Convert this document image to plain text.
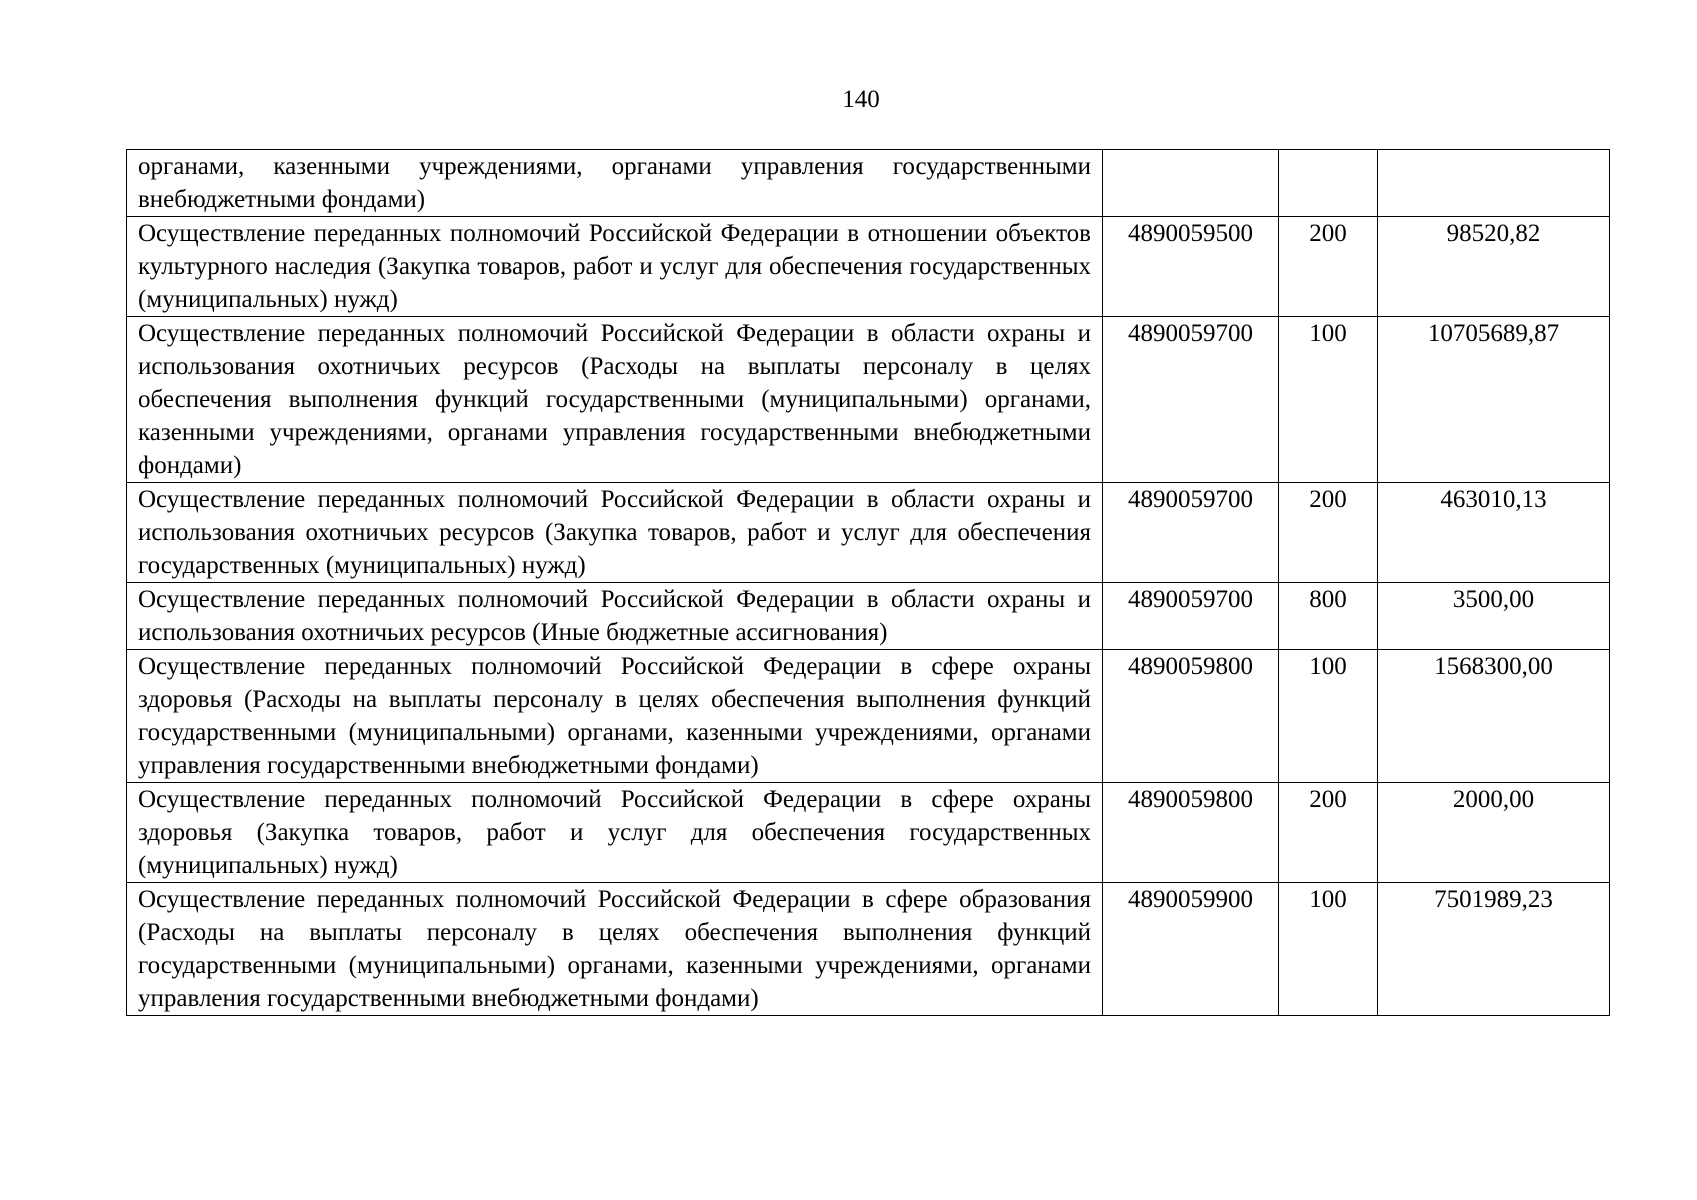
140
органами, казенными учреждениями, органами управления государственными внебюджетными фондами)			
Осуществление переданных полномочий Российской Федерации в отношении объектов культурного наследия (Закупка товаров, работ и услуг для обеспечения государственных (муниципальных) нужд)	4890059500	200	98520,82
Осуществление переданных полномочий Российской Федерации в области охраны и использования охотничьих ресурсов (Расходы на выплаты персоналу в целях обеспечения выполнения функций государственными (муниципальными) органами, казенными учреждениями, органами управления государственными внебюджетными фондами)	4890059700	100	10705689,87
Осуществление переданных полномочий Российской Федерации в области охраны и использования охотничьих ресурсов (Закупка товаров, работ и услуг для обеспечения государственных (муниципальных) нужд)	4890059700	200	463010,13
Осуществление переданных полномочий Российской Федерации в области охраны и использования охотничьих ресурсов (Иные бюджетные ассигнования)	4890059700	800	3500,00
Осуществление переданных полномочий Российской Федерации в сфере охраны здоровья (Расходы на выплаты персоналу в целях обеспечения выполнения функций государственными (муниципальными) органами, казенными учреждениями, органами управления государственными внебюджетными фондами)	4890059800	100	1568300,00
Осуществление переданных полномочий Российской Федерации в сфере охраны здоровья (Закупка товаров, работ и услуг для обеспечения государственных (муниципальных) нужд)	4890059800	200	2000,00
Осуществление переданных полномочий Российской Федерации в сфере образования (Расходы на выплаты персоналу в целях обеспечения выполнения функций государственными (муниципальными) органами, казенными учреждениями, органами управления государственными внебюджетными фондами)	4890059900	100	7501989,23
